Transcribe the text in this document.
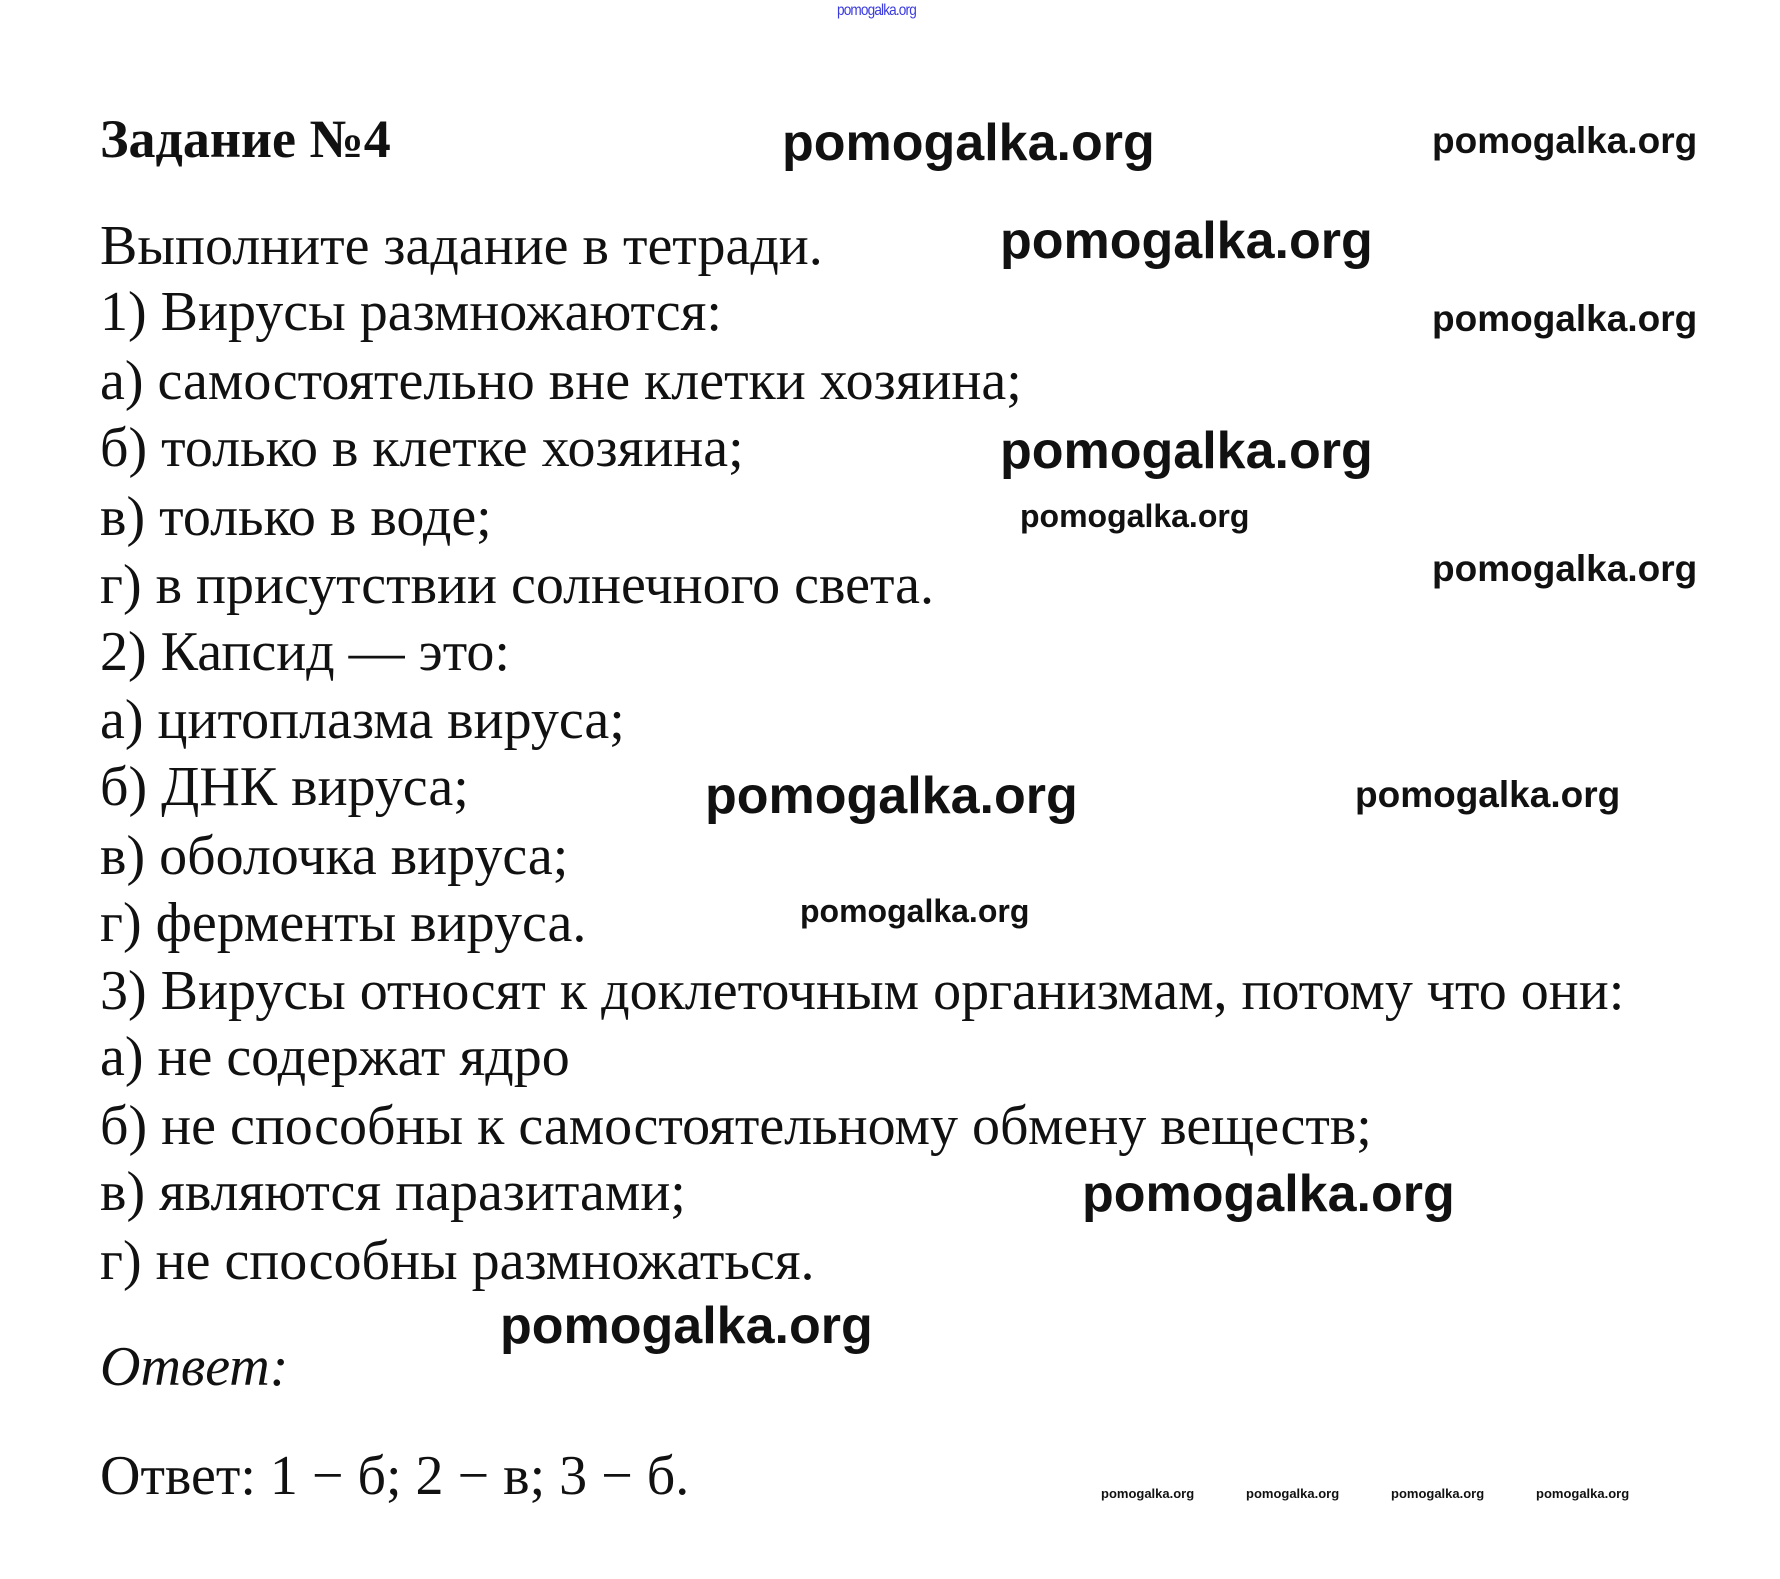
pomogalka.org
Задание №4
Выполните задание в тетради.
1) Вирусы размножаются:
а) самостоятельно вне клетки хозяина;
б) только в клетке хозяина;
в) только в воде;
г) в присутствии солнечного света.
2) Капсид — это:
а) цитоплазма вируса;
б) ДНК вируса;
в) оболочка вируса;
г) ферменты вируса.
3) Вирусы относят к доклеточным организмам, потому что они:
а) не содержат ядро
б) не способны к самостоятельному обмену веществ;
в) являются паразитами;
г) не способны размножаться.
Ответ:
Ответ: 1 − б; 2 − в; 3 − б.
pomogalka.org
pomogalka.org
pomogalka.org
pomogalka.org
pomogalka.org
pomogalka.org
pomogalka.org
pomogalka.org	pomogalka.org
pomogalka.org
pomogalka.org
pomogalka.org
pomogalka.org	pomogalka.org	pomogalka.org	pomogalka.org
